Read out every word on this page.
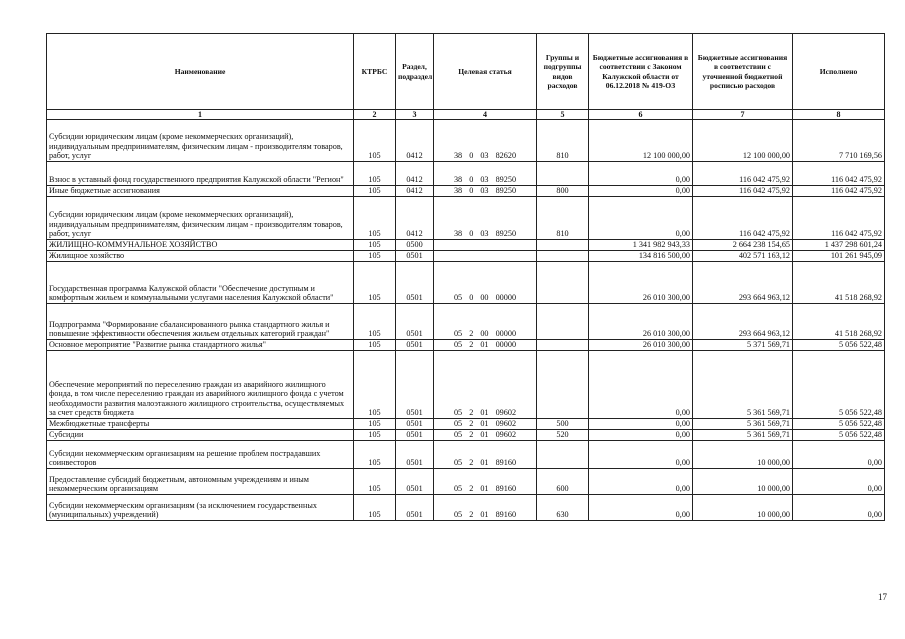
Наименование	КТРБС	Раздел, подраздел	Целевая статья	Группы и подгруппы видов расходов	Бюджетные ассигнования в соответствии с Законом Калужской области от 06.12.2018 № 419-ОЗ	Бюджетные ассигнования в соответствии с уточненной бюджетной росписью расходов	Исполнено
1	2	3	4	5	6	7	8
Субсидии юридическим лицам (кроме некоммерческих организаций), индивидуальным предпринимателям, физическим лицам - производителям товаров, работ, услуг	105	0412	38 0 03 82620	810	12 100 000,00	12 100 000,00	7 710 169,56
Взнос в уставный фонд государственного предприятия Калужской области "Регион"	105	0412	38 0 03 89250		0,00	116 042 475,92	116 042 475,92
Иные бюджетные ассигнования	105	0412	38 0 03 89250	800	0,00	116 042 475,92	116 042 475,92
Субсидии юридическим лицам (кроме некоммерческих организаций), индивидуальным предпринимателям, физическим лицам - производителям товаров, работ, услуг	105	0412	38 0 03 89250	810	0,00	116 042 475,92	116 042 475,92
ЖИЛИЩНО-КОММУНАЛЬНОЕ ХОЗЯЙСТВО	105	0500			1 341 982 943,33	2 664 238 154,65	1 437 298 601,24
Жилищное хозяйство	105	0501			134 816 500,00	402 571 163,12	101 261 945,09
Государственная программа Калужской области "Обеспечение доступным и комфортным жильем и коммунальными услугами населения Калужской области"	105	0501	05 0 00 00000		26 010 300,00	293 664 963,12	41 518 268,92
Подпрограмма "Формирование сбалансированного рынка стандартного жилья и повышение эффективности обеспечения жильем отдельных категорий граждан"	105	0501	05 2 00 00000		26 010 300,00	293 664 963,12	41 518 268,92
Основное мероприятие "Развитие рынка стандартного жилья"	105	0501	05 2 01 00000		26 010 300,00	5 371 569,71	5 056 522,48
Обеспечение мероприятий по переселению граждан из аварийного жилищного фонда, в том числе переселению граждан из аварийного жилищного фонда с учетом необходимости развития малоэтажного жилищного строительства, осуществляемых за счет средств бюджета	105	0501	05 2 01 09602		0,00	5 361 569,71	5 056 522,48
Межбюджетные трансферты	105	0501	05 2 01 09602	500	0,00	5 361 569,71	5 056 522,48
Субсидии	105	0501	05 2 01 09602	520	0,00	5 361 569,71	5 056 522,48
Субсидии некоммерческим организациям на решение проблем пострадавших соинвесторов	105	0501	05 2 01 89160		0,00	10 000,00	0,00
Предоставление субсидий бюджетным, автономным учреждениям и иным некоммерческим организациям	105	0501	05 2 01 89160	600	0,00	10 000,00	0,00
Субсидии некоммерческим организациям (за исключением государственных (муниципальных) учреждений)	105	0501	05 2 01 89160	630	0,00	10 000,00	0,00
17
